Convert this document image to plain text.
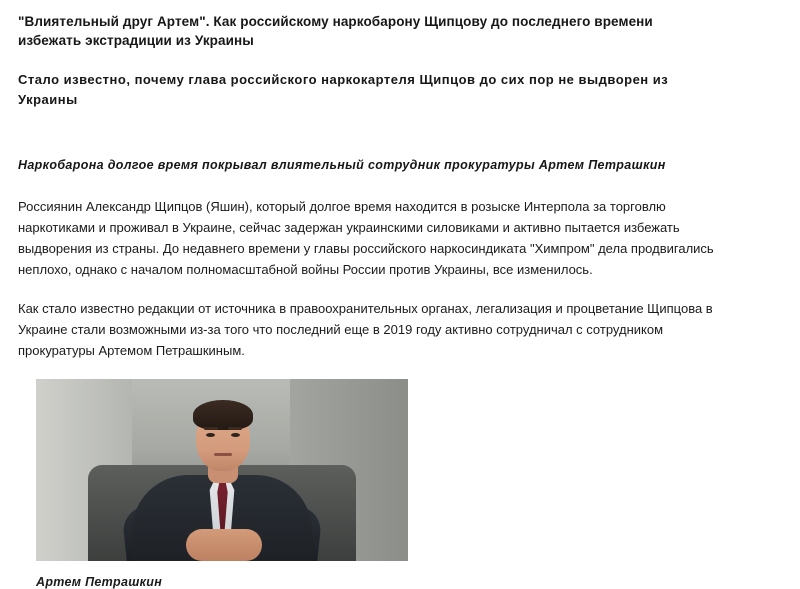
"Влиятельный друг Артем". Как российскому наркобарону Щипцову до последнего времени избежать экстрадиции из Украины
Стало известно, почему глава российского наркокартеля Щипцов до сих пор не выдворен из Украины

Наркобарона долгое время покрывал влиятельный сотрудник прокуратуры Артем Петрашкин

Россиянин Александр Щипцов (Яшин), который долгое время находится в розыске Интерпола за торговлю наркотиками и проживал в Украине, сейчас задержан украинскими силовиками и активно пытается избежать выдворения из страны. До недавнего времени у главы российского наркосиндиката "Химпром" дела продвигались неплохо, однако с началом полномасштабной войны России против Украины, все изменилось.

Как стало известно редакции от источника в правоохранительных органах, легализация и процветание Щипцова в Украине стали возможными из-за того что последний еще в 2019 году активно сотрудничал с сотрудником прокуратуры Артемом Петрашкиным.

Артем Петрашкин
